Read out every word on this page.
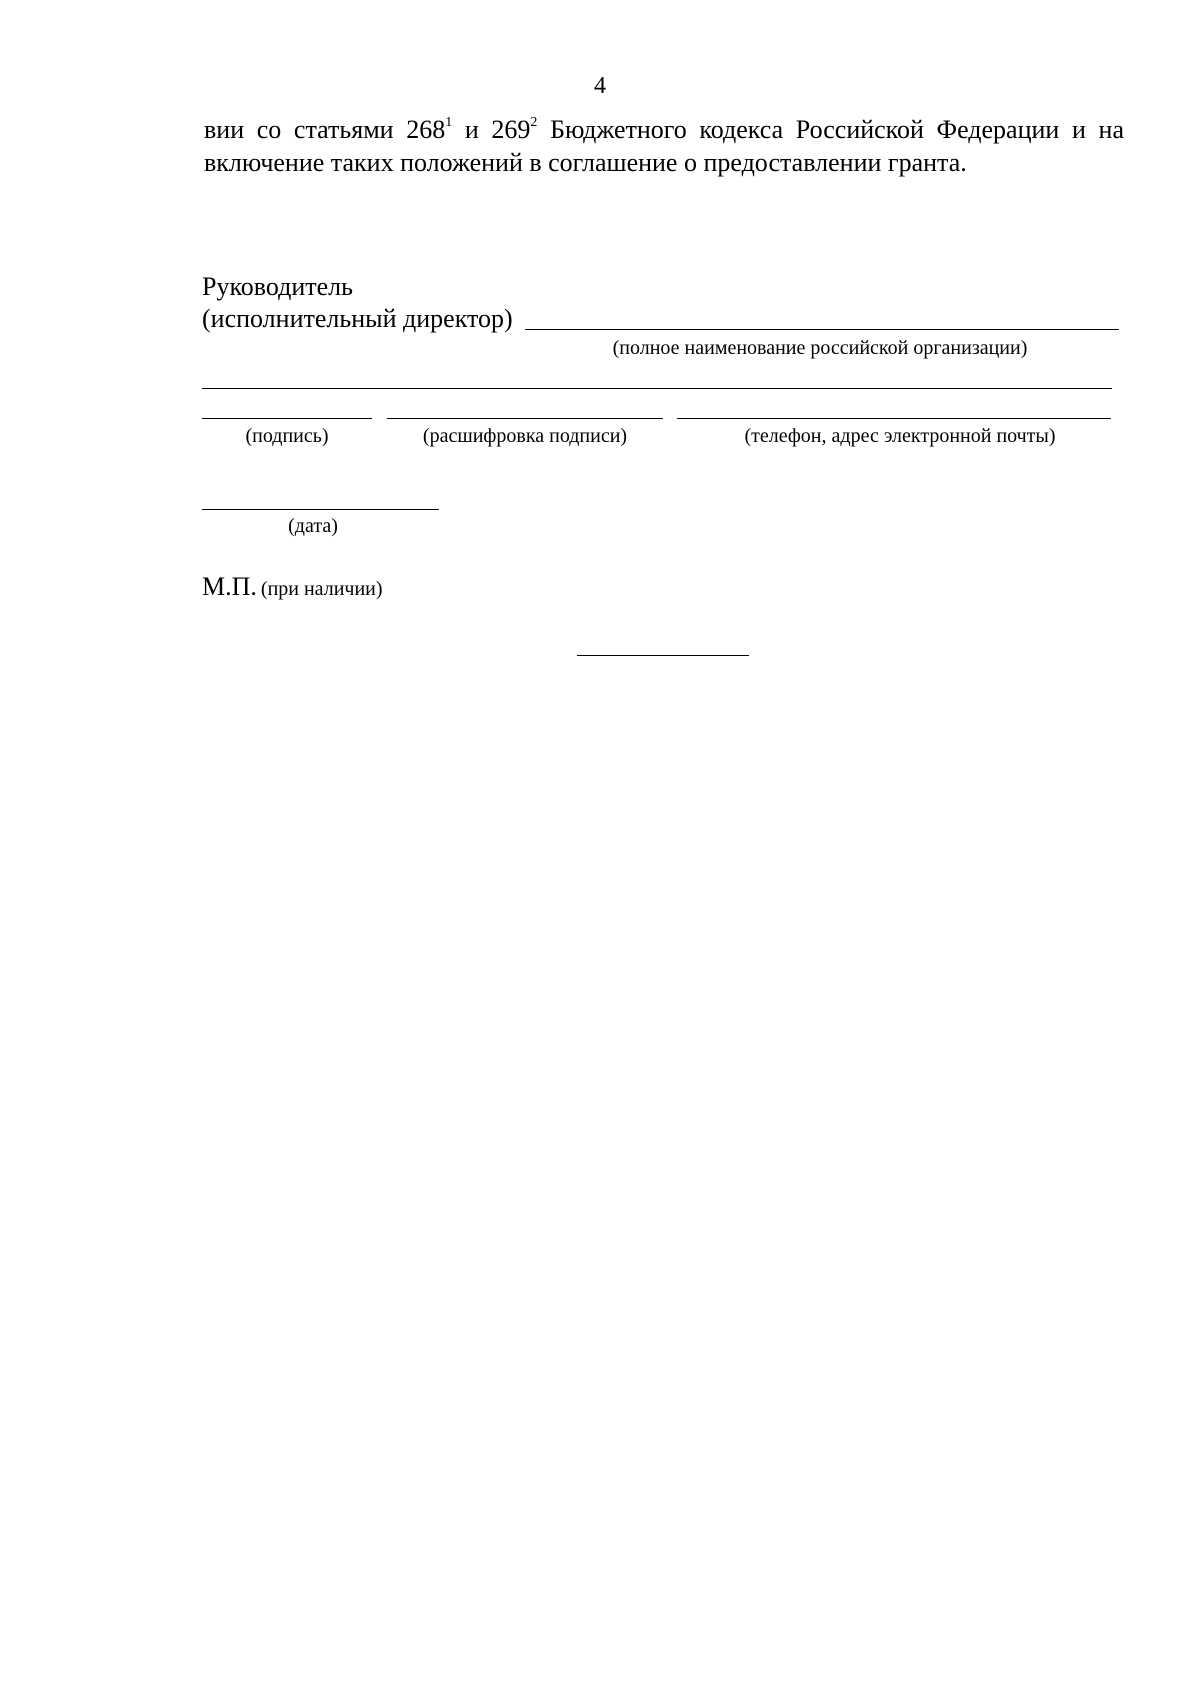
4
вии со статьями $268^1$ и $269^2$ Бюджетного кодекса Российской Федерации и на
включение таких положений в соглашение о предоставлении гранта.
Руководитель
(исполнительный директор)
(полное наименование российской организации)
(подпись)	(расшифровка подписи)	(телефон, адрес электронной почты)
(дата)
М.П. (при наличии)
